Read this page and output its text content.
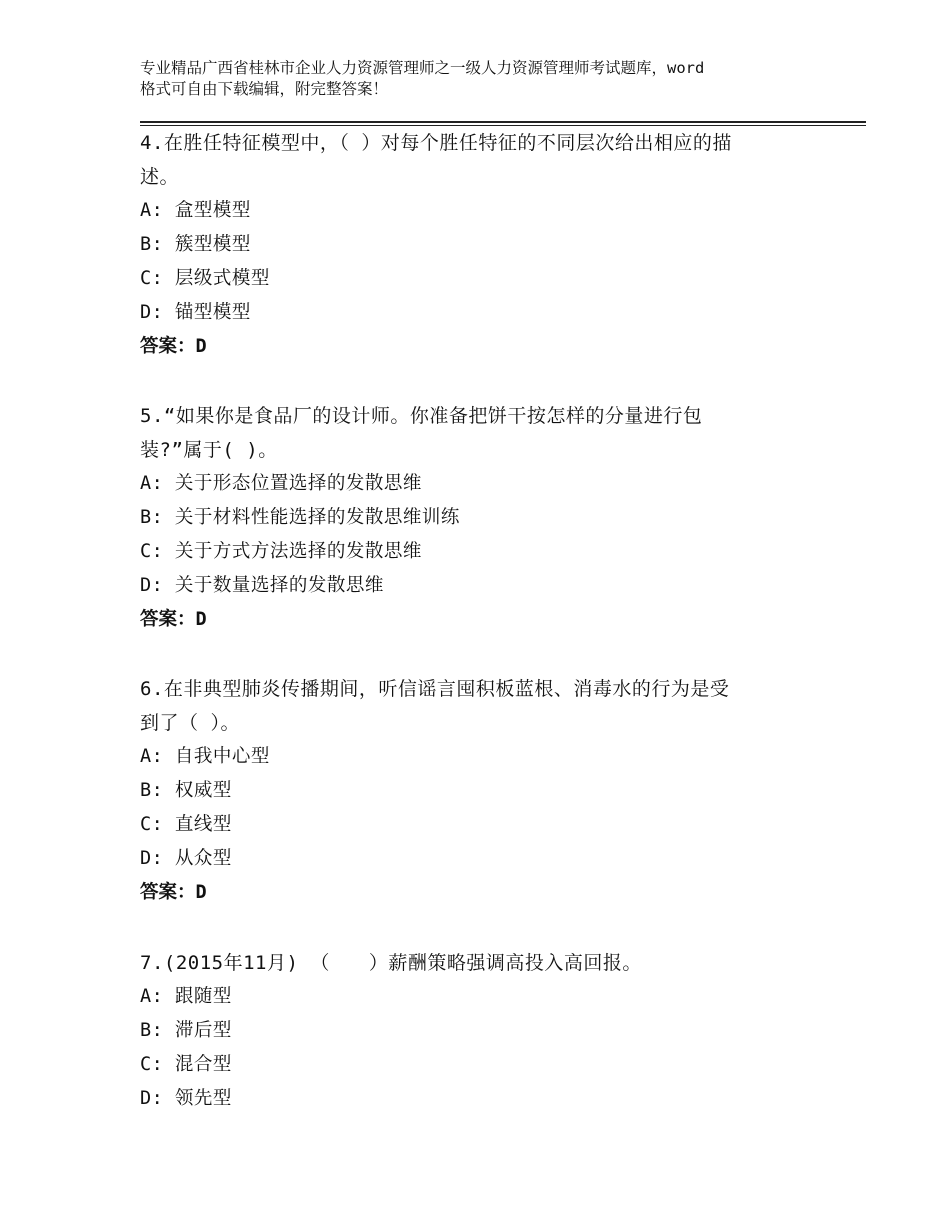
专业精品广西省桂林市企业人力资源管理师之一级人力资源管理师考试题库，word
格式可自由下载编辑，附完整答案！

4.在胜任特征模型中，（ ）对每个胜任特征的不同层次给出相应的描

述。

A: 盒型模型

B: 簇型模型

C: 层级式模型

D: 锚型模型

答案：D

5.“如果你是食品厂的设计师。你准备把饼干按怎样的分量进行包

装?”属于( )。

A: 关于形态位置选择的发散思维

B: 关于材料性能选择的发散思维训练

C: 关于方式方法选择的发散思维

D: 关于数量选择的发散思维

答案：D

6.在非典型肺炎传播期间，听信谣言囤积板蓝根、消毒水的行为是受

到了（ ）。

A: 自我中心型

B: 权威型

C: 直线型

D: 从众型

答案：D

7.(2015年11月) （　　）薪酬策略强调高投入高回报。

A: 跟随型

B: 滞后型

C: 混合型

D: 领先型
